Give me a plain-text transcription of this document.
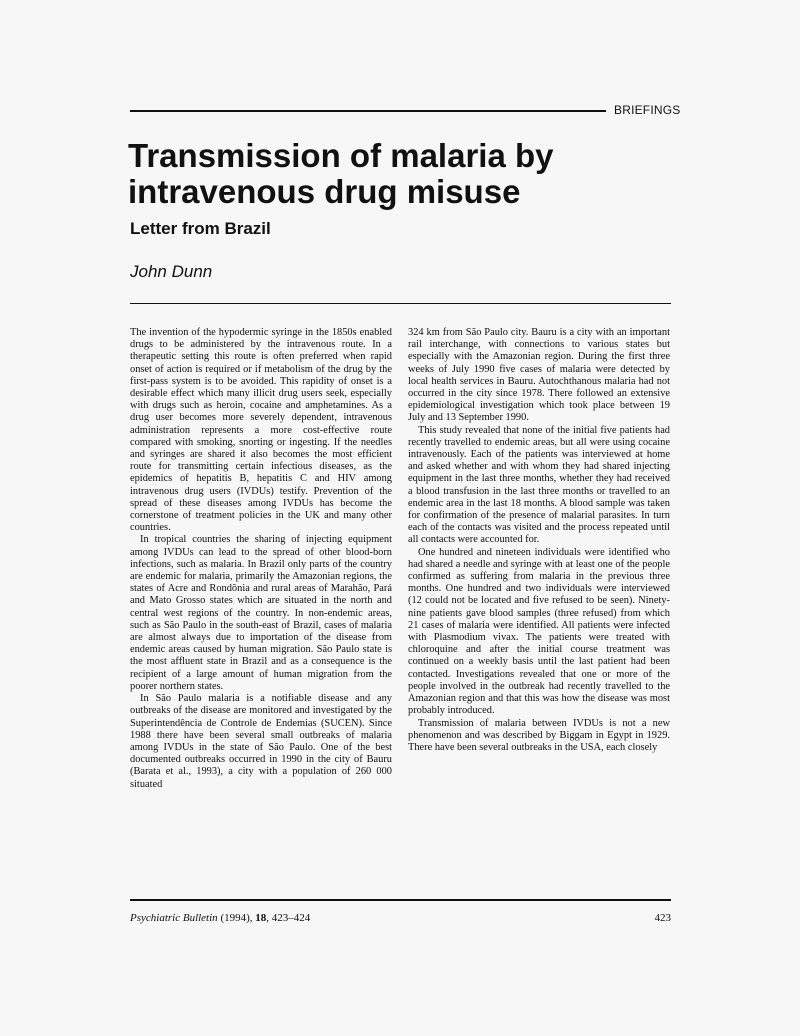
BRIEFINGS
Transmission of malaria by intravenous drug misuse
Letter from Brazil
John Dunn

The invention of the hypodermic syringe in the 1850s enabled drugs to be administered by the intravenous route. In a therapeutic setting this route is often preferred when rapid onset of action is required or if metabolism of the drug by the first-pass system is to be avoided. This rapidity of onset is a desirable effect which many illicit drug users seek, especially with drugs such as heroin, cocaine and amphetamines. As a drug user becomes more severely dependent, intravenous administration represents a more cost-effective route compared with smoking, snorting or ingesting. If the needles and syringes are shared it also becomes the most efficient route for transmitting certain infectious diseases, as the epidemics of hepatitis B, hepatitis C and HIV among intravenous drug users (IVDUs) testify. Prevention of the spread of these diseases among IVDUs has become the cornerstone of treatment policies in the UK and many other countries.

In tropical countries the sharing of injecting equipment among IVDUs can lead to the spread of other blood-born infections, such as malaria. In Brazil only parts of the country are endemic for malaria, primarily the Amazonian regions, the states of Acre and Rondônia and rural areas of Marahão, Pará and Mato Grosso states which are situated in the north and central west regions of the country. In non-endemic areas, such as São Paulo in the south-east of Brazil, cases of malaria are almost always due to importation of the disease from endemic areas caused by human migration. São Paulo state is the most affluent state in Brazil and as a consequence is the recipient of a large amount of human migration from the poorer northern states.

In São Paulo malaria is a notifiable disease and any outbreaks of the disease are monitored and investigated by the Superintendência de Controle de Endemias (SUCEN). Since 1988 there have been several small outbreaks of malaria among IVDUs in the state of São Paulo. One of the best documented outbreaks occurred in 1990 in the city of Bauru (Barata et al., 1993), a city with a population of 260 000 situated

324 km from São Paulo city. Bauru is a city with an important rail interchange, with connections to various states but especially with the Amazonian region. During the first three weeks of July 1990 five cases of malaria were detected by local health services in Bauru. Autochthanous malaria had not occurred in the city since 1978. There followed an extensive epidemiological investigation which took place between 19 July and 13 September 1990.

This study revealed that none of the initial five patients had recently travelled to endemic areas, but all were using cocaine intravenously. Each of the patients was interviewed at home and asked whether and with whom they had shared injecting equipment in the last three months, whether they had received a blood transfusion in the last three months or travelled to an endemic area in the last 18 months. A blood sample was taken for confirmation of the presence of malarial parasites. In turn each of the contacts was visited and the process repeated until all contacts were accounted for.

One hundred and nineteen individuals were identified who had shared a needle and syringe with at least one of the people confirmed as suffering from malaria in the previous three months. One hundred and two individuals were interviewed (12 could not be located and five refused to be seen). Ninety-nine patients gave blood samples (three refused) from which 21 cases of malaria were identified. All patients were infected with Plasmodium vivax. The patients were treated with chloroquine and after the initial course treatment was continued on a weekly basis until the last patient had been contacted. Investigations revealed that one or more of the people involved in the outbreak had recently travelled to the Amazonian region and that this was how the disease was most probably introduced.

Transmission of malaria between IVDUs is not a new phenomenon and was described by Biggam in Egypt in 1929. There have been several outbreaks in the USA, each closely

Psychiatric Bulletin (1994), 18, 423–424	423
